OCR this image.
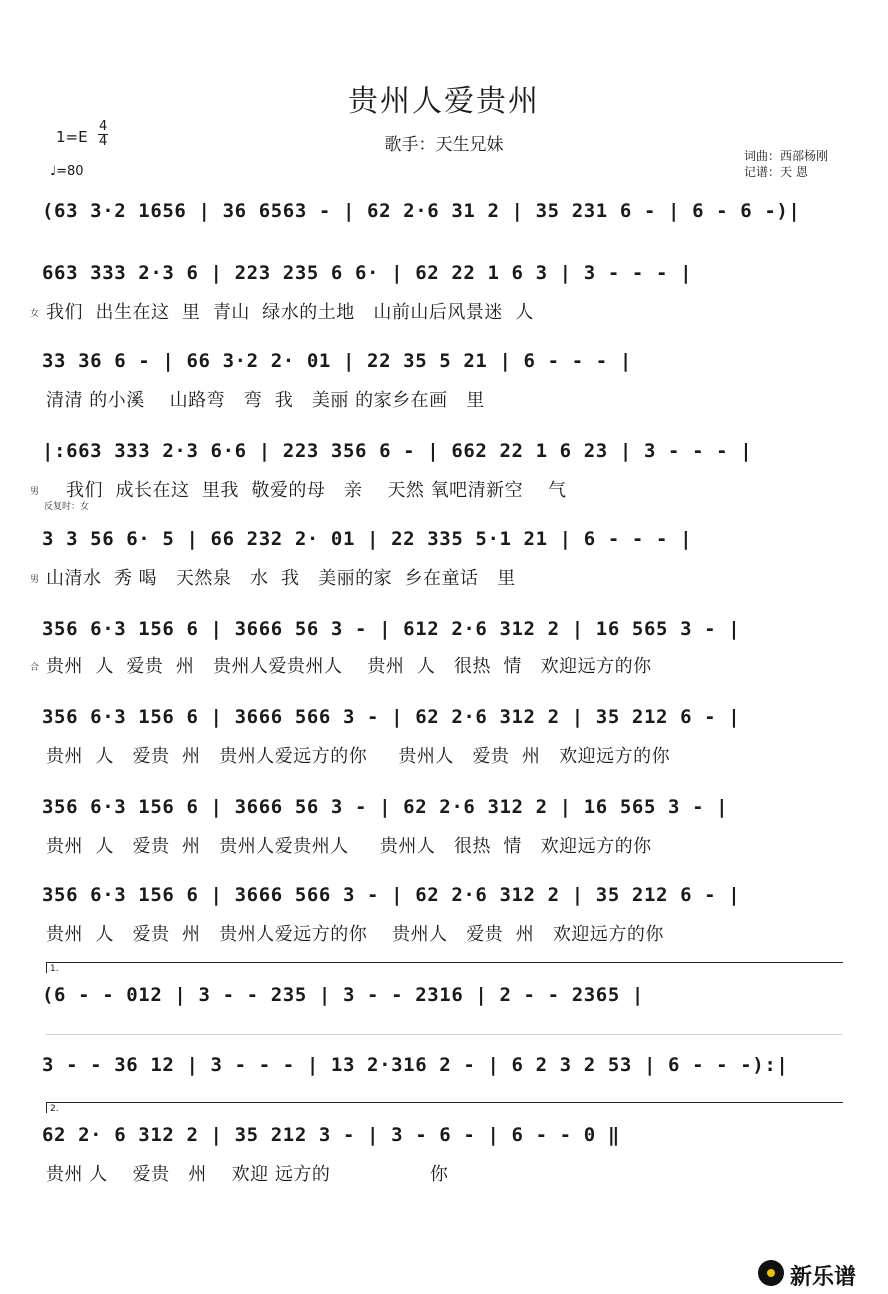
贵州人爱贵州
歌手：天生兄妹
1=E
4
4
♩=80
词曲：西部杨刚
记谱：天 恩
(63 3·2 1656 | 36 6563 - | 62 2·6 31 2 | 35 231 6 - | 6 - 6 -)|
663 333 2·3 6 | 223 235 6 6· | 62 22 1 6 3 | 3 - - - |
女 我们  出生在这  里  青山  绿水的土地   山前山后风景迷  人
33 36 6 - | 66 3·2 2· 01 | 22 35 5 21 | 6 - - - |
清清 的小溪    山路弯   弯  我   美丽 的家乡在画   里
|:663 333 2·3 6·6 | 223 356 6 - | 662 22 1 6 23 | 3 - - - |
男
反复时：女
我们  成长在这  里我  敬爱的母   亲    天然 氧吧清新空    气
3 3 56 6· 5 | 66 232 2· 01 | 22 335 5·1 21 | 6 - - - |
男 山清水  秀 喝   天然泉   水  我   美丽的家  乡在童话   里
356 6·3 156 6 | 3666 56 3 - | 612 2·6 312 2 | 16 565 3 - |
合 贵州  人  爱贵  州   贵州人爱贵州人    贵州  人   很热  情   欢迎远方的你
356 6·3 156 6 | 3666 566 3 - | 62 2·6 312 2 | 35 212 6 - |
贵州  人   爱贵  州   贵州人爱远方的你     贵州人   爱贵  州   欢迎远方的你
356 6·3 156 6 | 3666 56 3 - | 62 2·6 312 2 | 16 565 3 - |
贵州  人   爱贵  州   贵州人爱贵州人     贵州人   很热  情   欢迎远方的你
356 6·3 156 6 | 3666 566 3 - | 62 2·6 312 2 | 35 212 6 - |
贵州  人   爱贵  州   贵州人爱远方的你    贵州人   爱贵  州   欢迎远方的你
1.
(6 - - 012 | 3 - - 235 | 3 - - 2316 | 2 - - 2365 |
3 - - 36 12 | 3 - - - | 13 2·316 2 - | 6 2 3 2 53 | 6 - - -):|
2.
62 2· 6 312 2 | 35 212 3 - | 3 - 6 - | 6 - - 0 ‖
贵州 人    爱贵   州    欢迎 远方的                你
新乐谱
